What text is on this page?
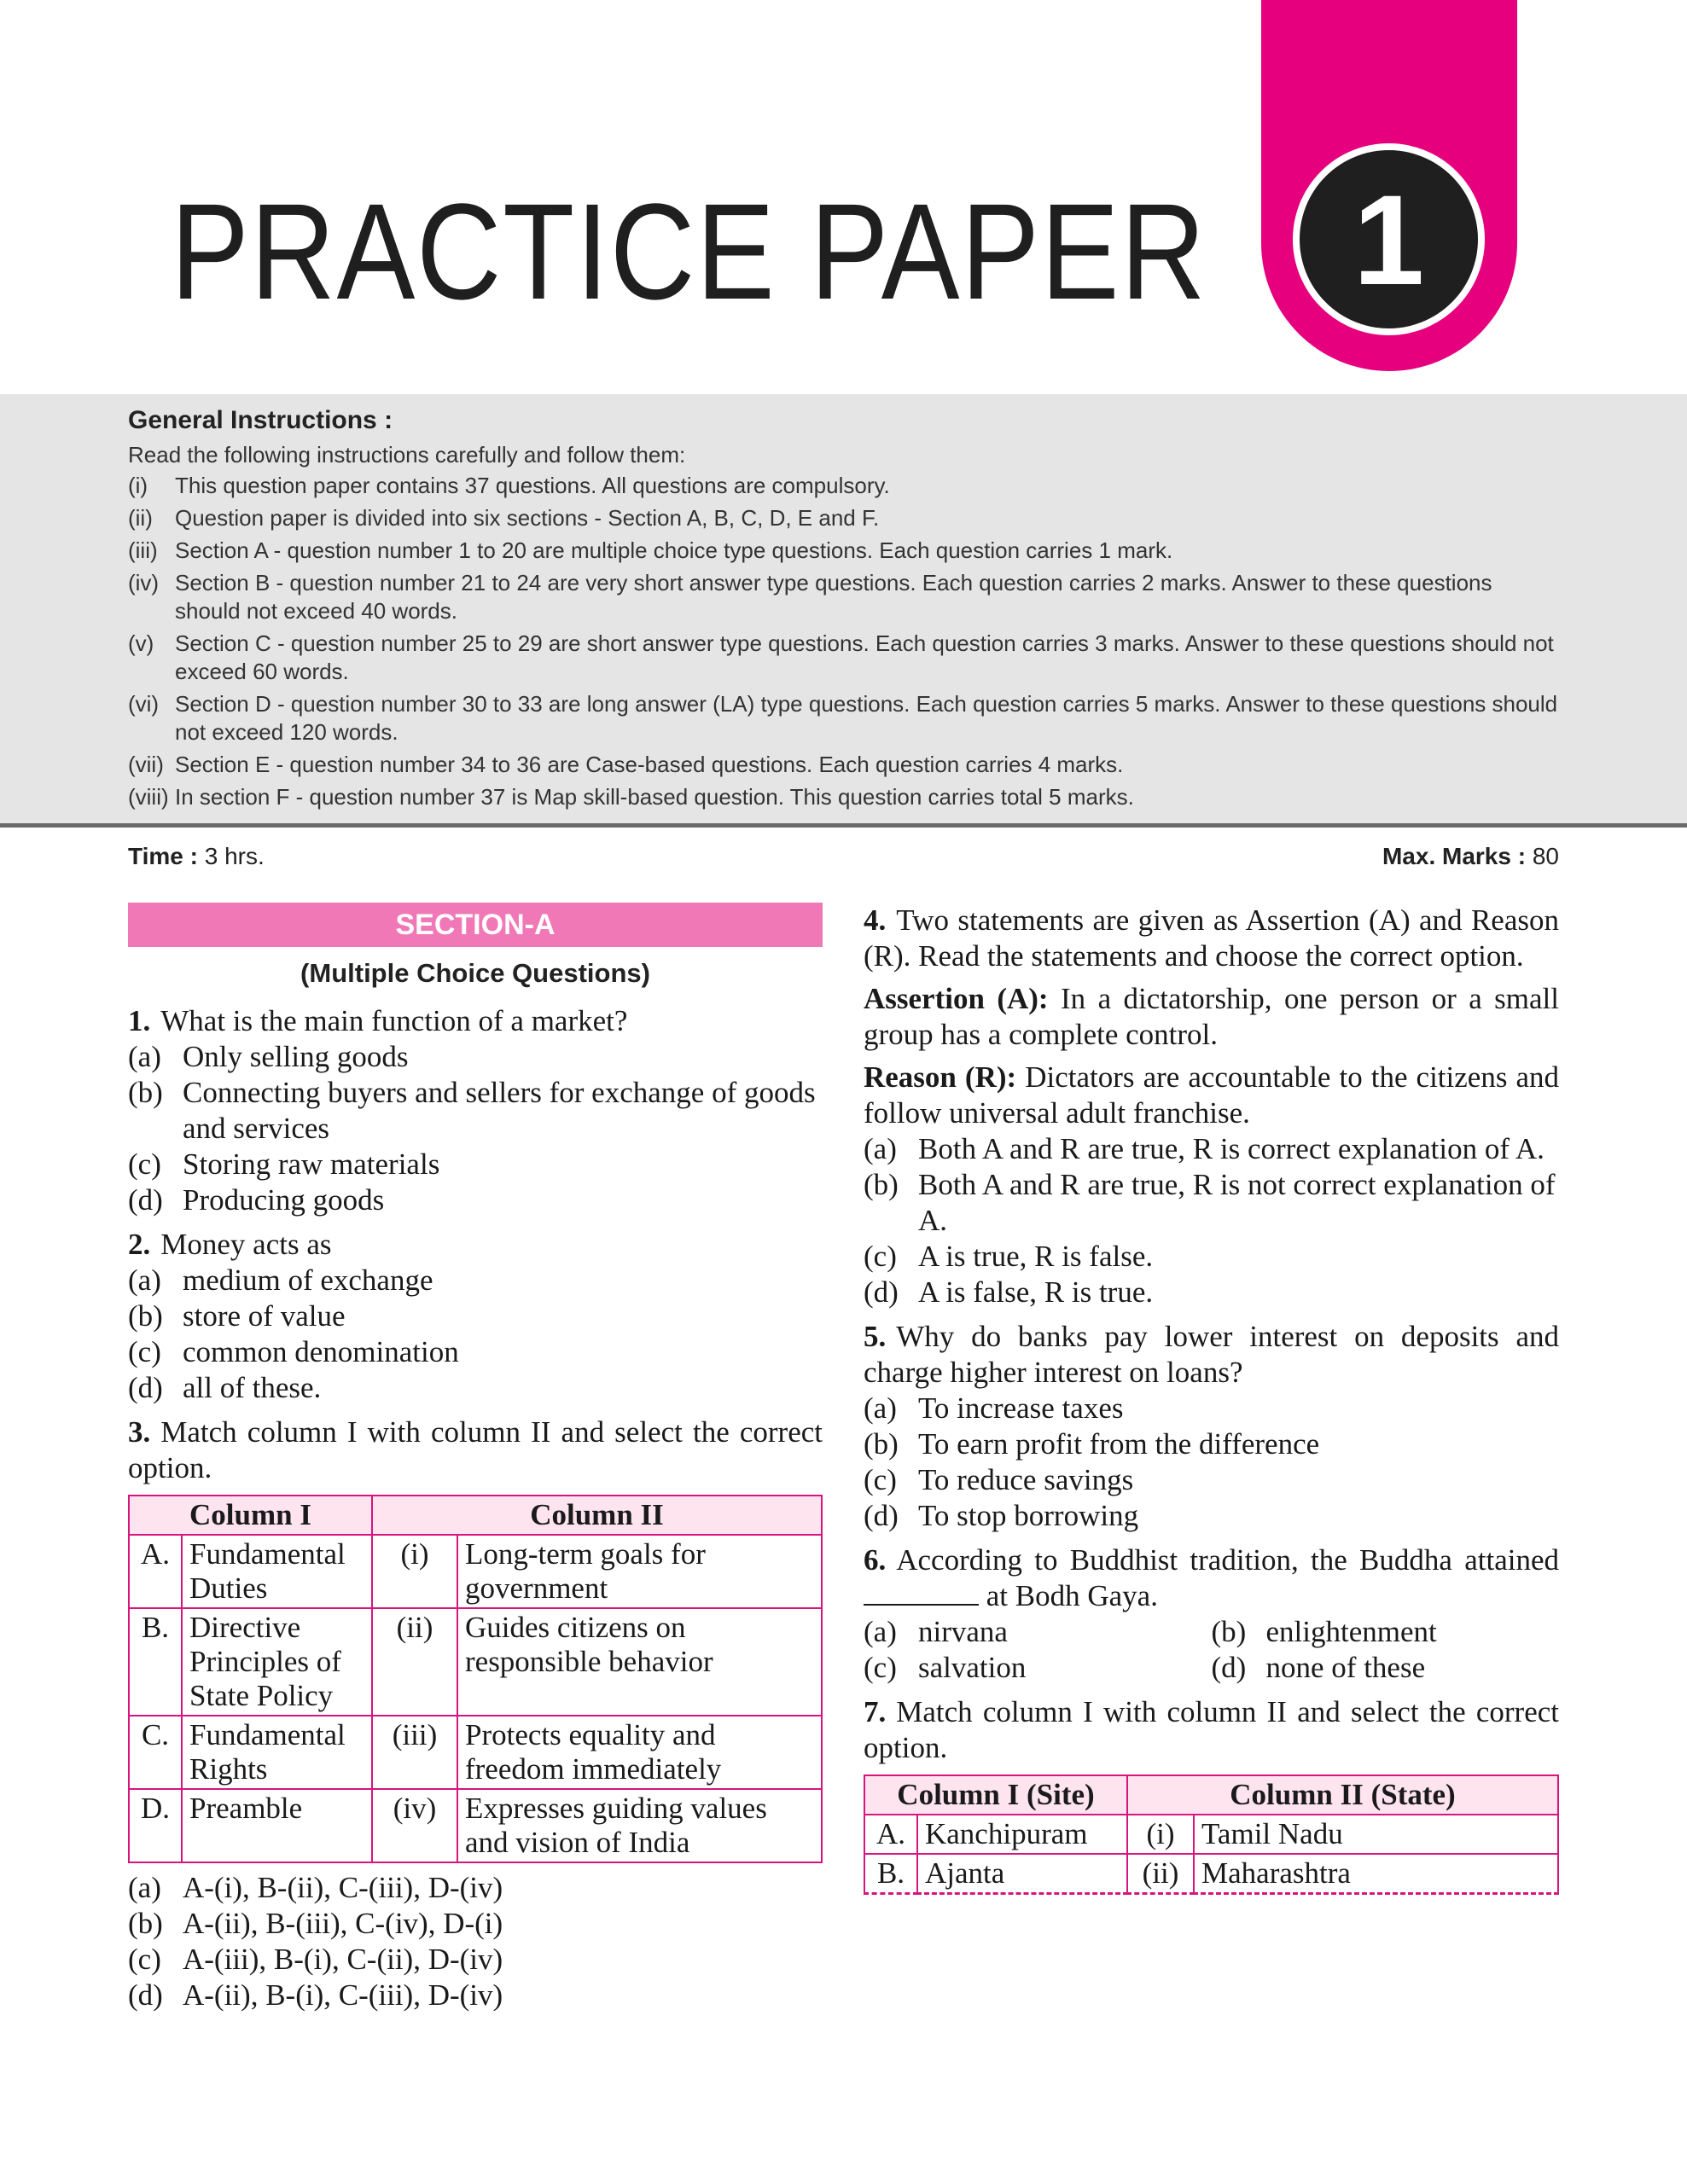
PRACTICE PAPER 1
General Instructions :
Read the following instructions carefully and follow them:
(i)	This question paper contains 37 questions. All questions are compulsory.
(ii)	Question paper is divided into six sections - Section A, B, C, D, E and F.
(iii) Section A - question number 1 to 20 are multiple choice type questions. Each question carries 1 mark.
(iv) Section B - question number 21 to 24 are very short answer type questions. Each question carries 2 marks. Answer to these questions should not exceed 40 words.
(v) Section C - question number 25 to 29 are short answer type questions. Each question carries 3 marks. Answer to these questions should not exceed 60 words.
(vi) Section D - question number 30 to 33 are long answer (LA) type questions. Each question carries 5 marks. Answer to these questions should not exceed 120 words.
(vii) Section E - question number 34 to 36 are Case-based questions. Each question carries 4 marks.
(viii) In section F - question number 37 is Map skill-based question. This question carries total 5 marks.
Time : 3 hrs.	Max. Marks : 80
SECTION-A
(Multiple Choice Questions)
1. What is the main function of a market?
(a) Only selling goods
(b) Connecting buyers and sellers for exchange of goods and services
(c) Storing raw materials
(d) Producing goods
2. Money acts as
(a) medium of exchange
(b) store of value
(c) common denomination
(d) all of these.
3. Match column I with column II and select the correct option.
Column I		Column II	
A.	Fundamental Duties	(i)	Long-term goals for government
B.	Directive Principles of State Policy	(ii)	Guides citizens on responsible behavior
C.	Fundamental Rights	(iii)	Protects equality and freedom immediately
D.	Preamble	(iv)	Expresses guiding values and vision of India
(a) A-(i), B-(ii), C-(iii), D-(iv)
(b) A-(ii), B-(iii), C-(iv), D-(i)
(c) A-(iii), B-(i), C-(ii), D-(iv)
(d) A-(ii), B-(i), C-(iii), D-(iv)
4. Two statements are given as Assertion (A) and Reason (R). Read the statements and choose the correct option.
Assertion (A): In a dictatorship, one person or a small group has a complete control.
Reason (R): Dictators are accountable to the citizens and follow universal adult franchise.
(a) Both A and R are true, R is correct explanation of A.
(b) Both A and R are true, R is not correct explanation of A.
(c) A is true, R is false.
(d) A is false, R is true.
5. Why do banks pay lower interest on deposits and charge higher interest on loans?
(a) To increase taxes
(b) To earn profit from the difference
(c) To reduce savings
(d) To stop borrowing
6. According to Buddhist tradition, the Buddha attained  at Bodh Gaya.
(a) nirvana	(b) enlightenment
(c) salvation	(d) none of these
7. Match column I with column II and select the correct option.
Column I (Site)		Column II (State)	
A.	Kanchipuram	(i)	Tamil Nadu
B.	Ajanta	(ii)	Maharashtra
